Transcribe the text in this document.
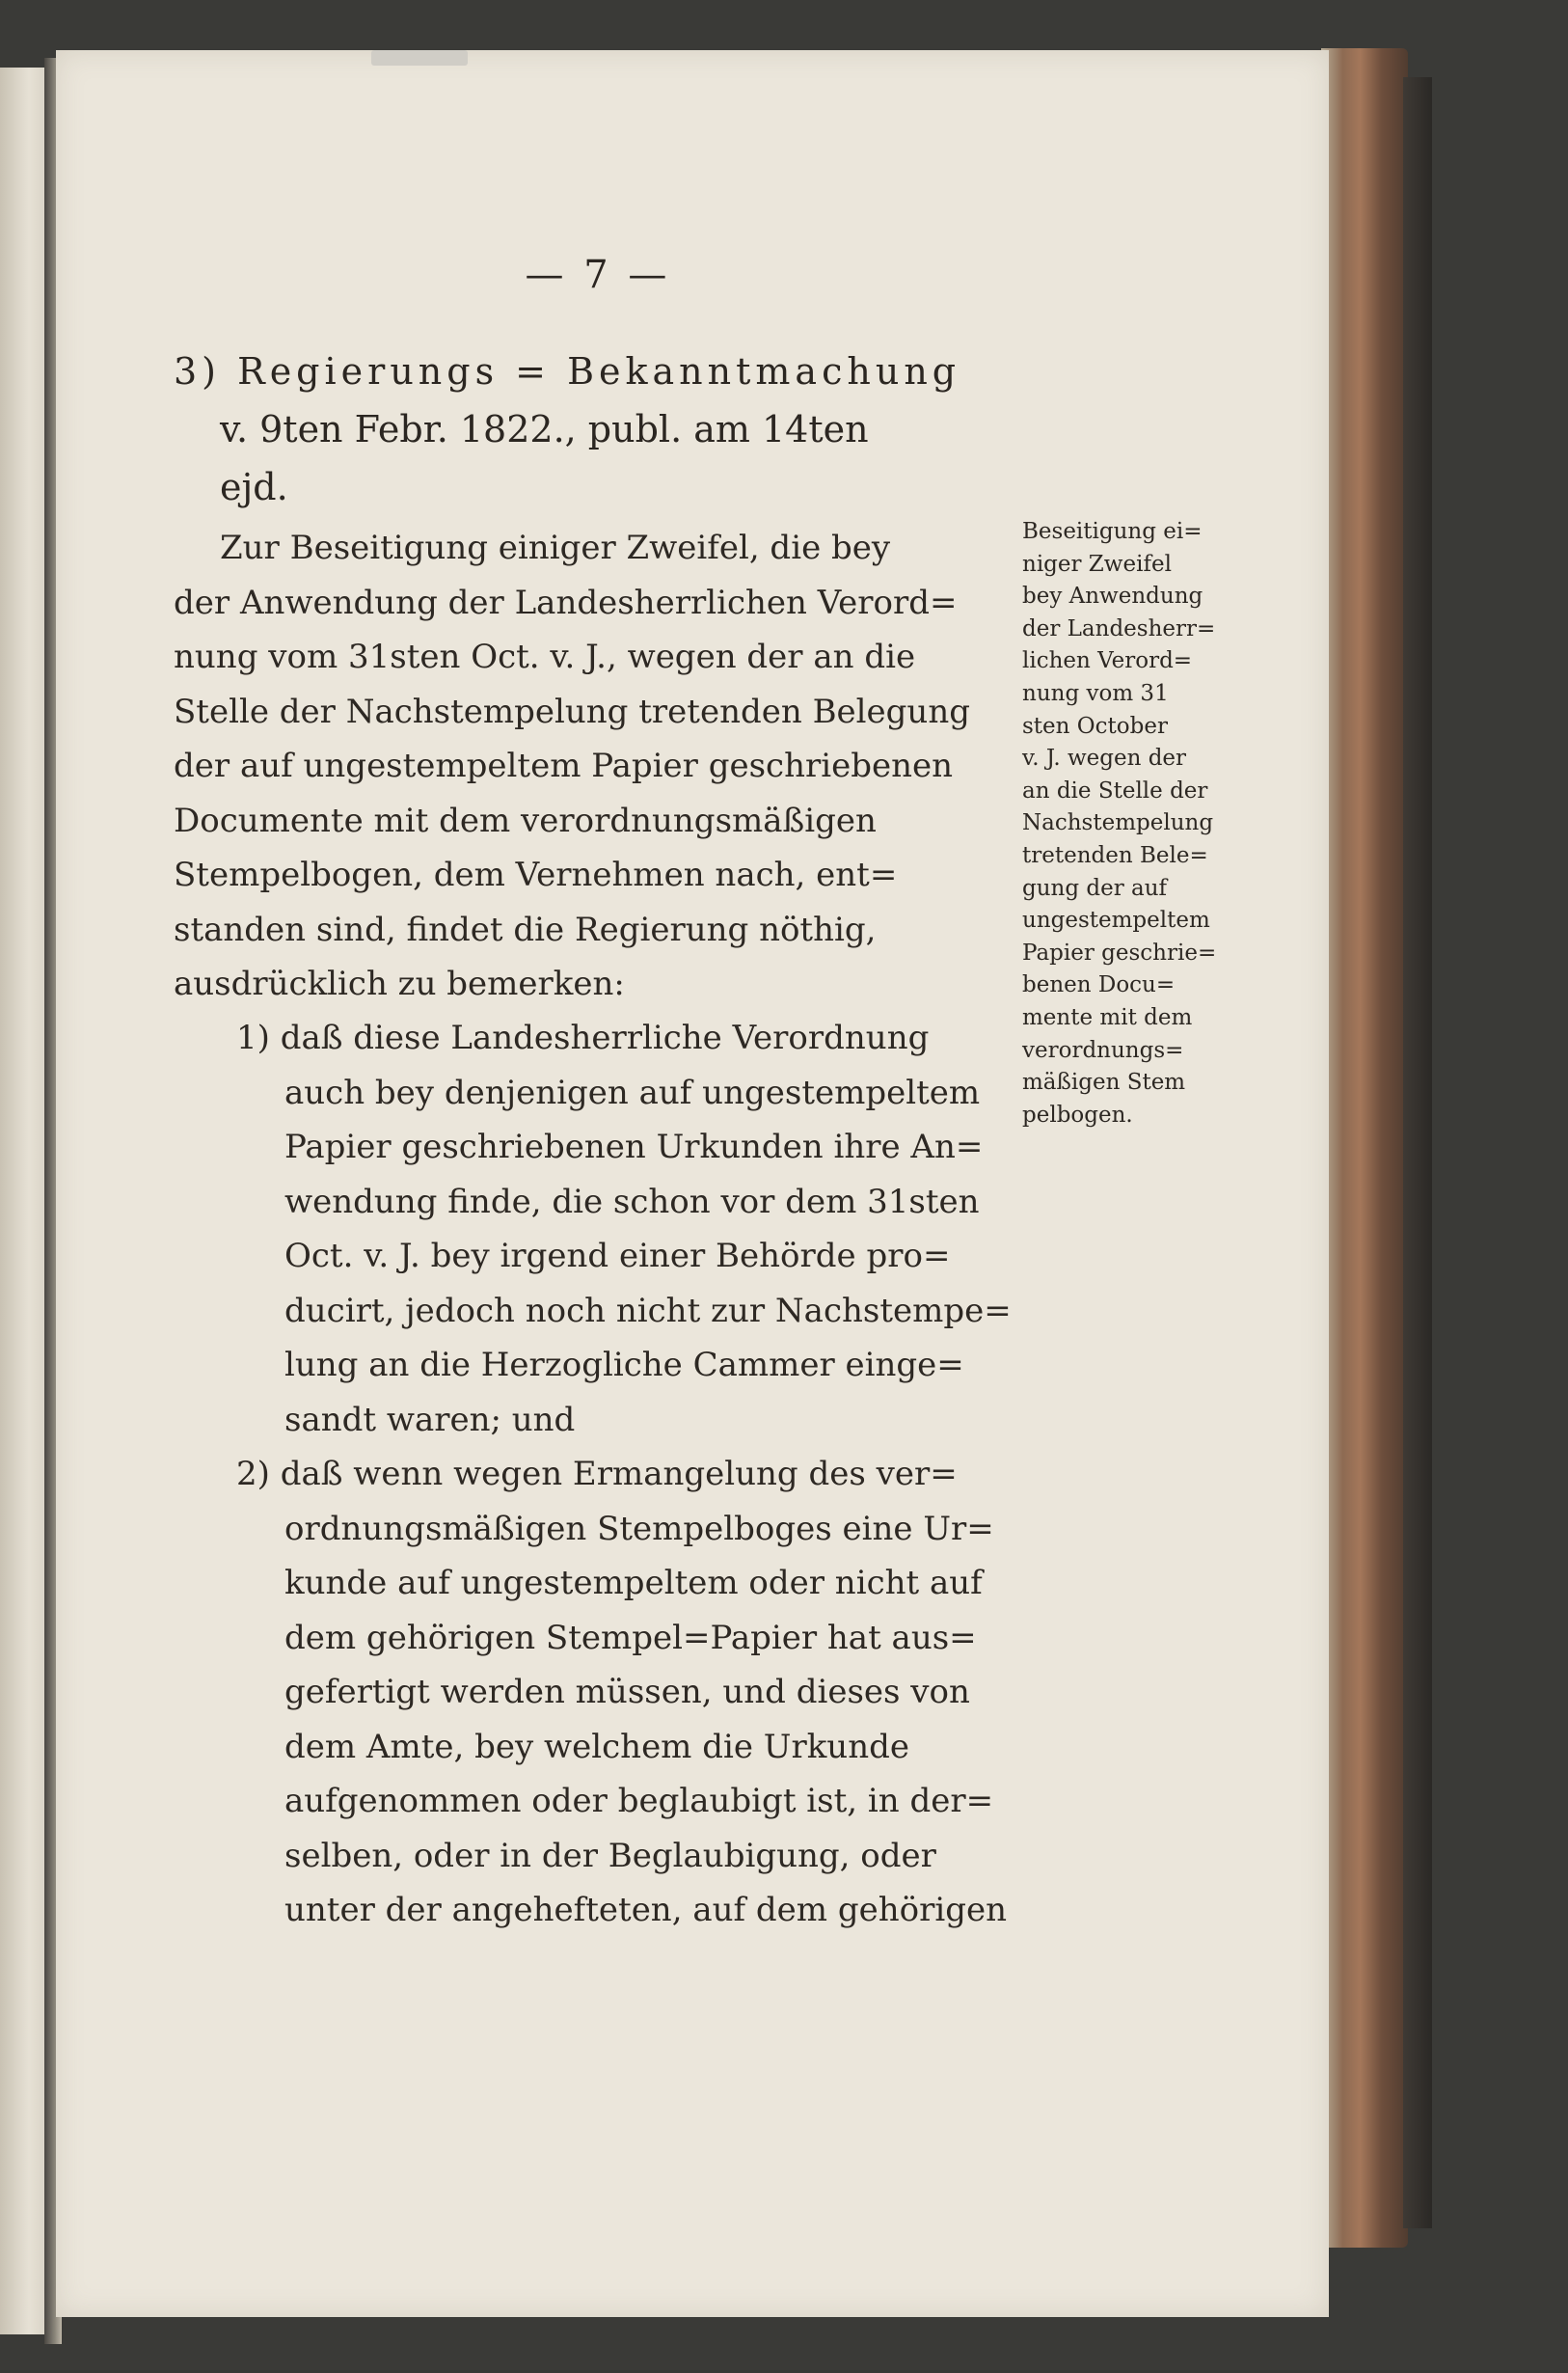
— 7 —
3) Regierungs = Bekanntmachung
v. 9ten Febr. 1822., publ. am 14ten
ejd.
Zur Beseitigung einiger Zweifel, die bey
der Anwendung der Landesherrlichen Verord=
nung vom 31sten Oct. v. J., wegen der an die
Stelle der Nachstempelung tretenden Belegung
der auf ungestempeltem Papier geschriebenen
Documente mit dem verordnungsmäßigen
Stempelbogen, dem Vernehmen nach, ent=
standen sind, findet die Regierung nöthig,
ausdrücklich zu bemerken:
1) daß diese Landesherrliche Verordnung
auch bey denjenigen auf ungestempeltem
Papier geschriebenen Urkunden ihre An=
wendung finde, die schon vor dem 31sten
Oct. v. J. bey irgend einer Behörde pro=
ducirt, jedoch noch nicht zur Nachstempe=
lung an die Herzogliche Cammer einge=
sandt waren; und
2) daß wenn wegen Ermangelung des ver=
ordnungsmäßigen Stempelboges eine Ur=
kunde auf ungestempeltem oder nicht auf
dem gehörigen Stempel=Papier hat aus=
gefertigt werden müssen, und dieses von
dem Amte, bey welchem die Urkunde
aufgenommen oder beglaubigt ist, in der=
selben, oder in der Beglaubigung, oder
unter der angehefteten, auf dem gehörigen
Beseitigung ei=
niger Zweifel
bey Anwendung
der Landesherr=
lichen Verord=
nung vom 31
sten October
v. J. wegen der
an die Stelle der
Nachstempelung
tretenden Bele=
gung der auf
ungestempeltem
Papier geschrie=
benen Docu=
mente mit dem
verordnungs=
mäßigen Stem
pelbogen.
